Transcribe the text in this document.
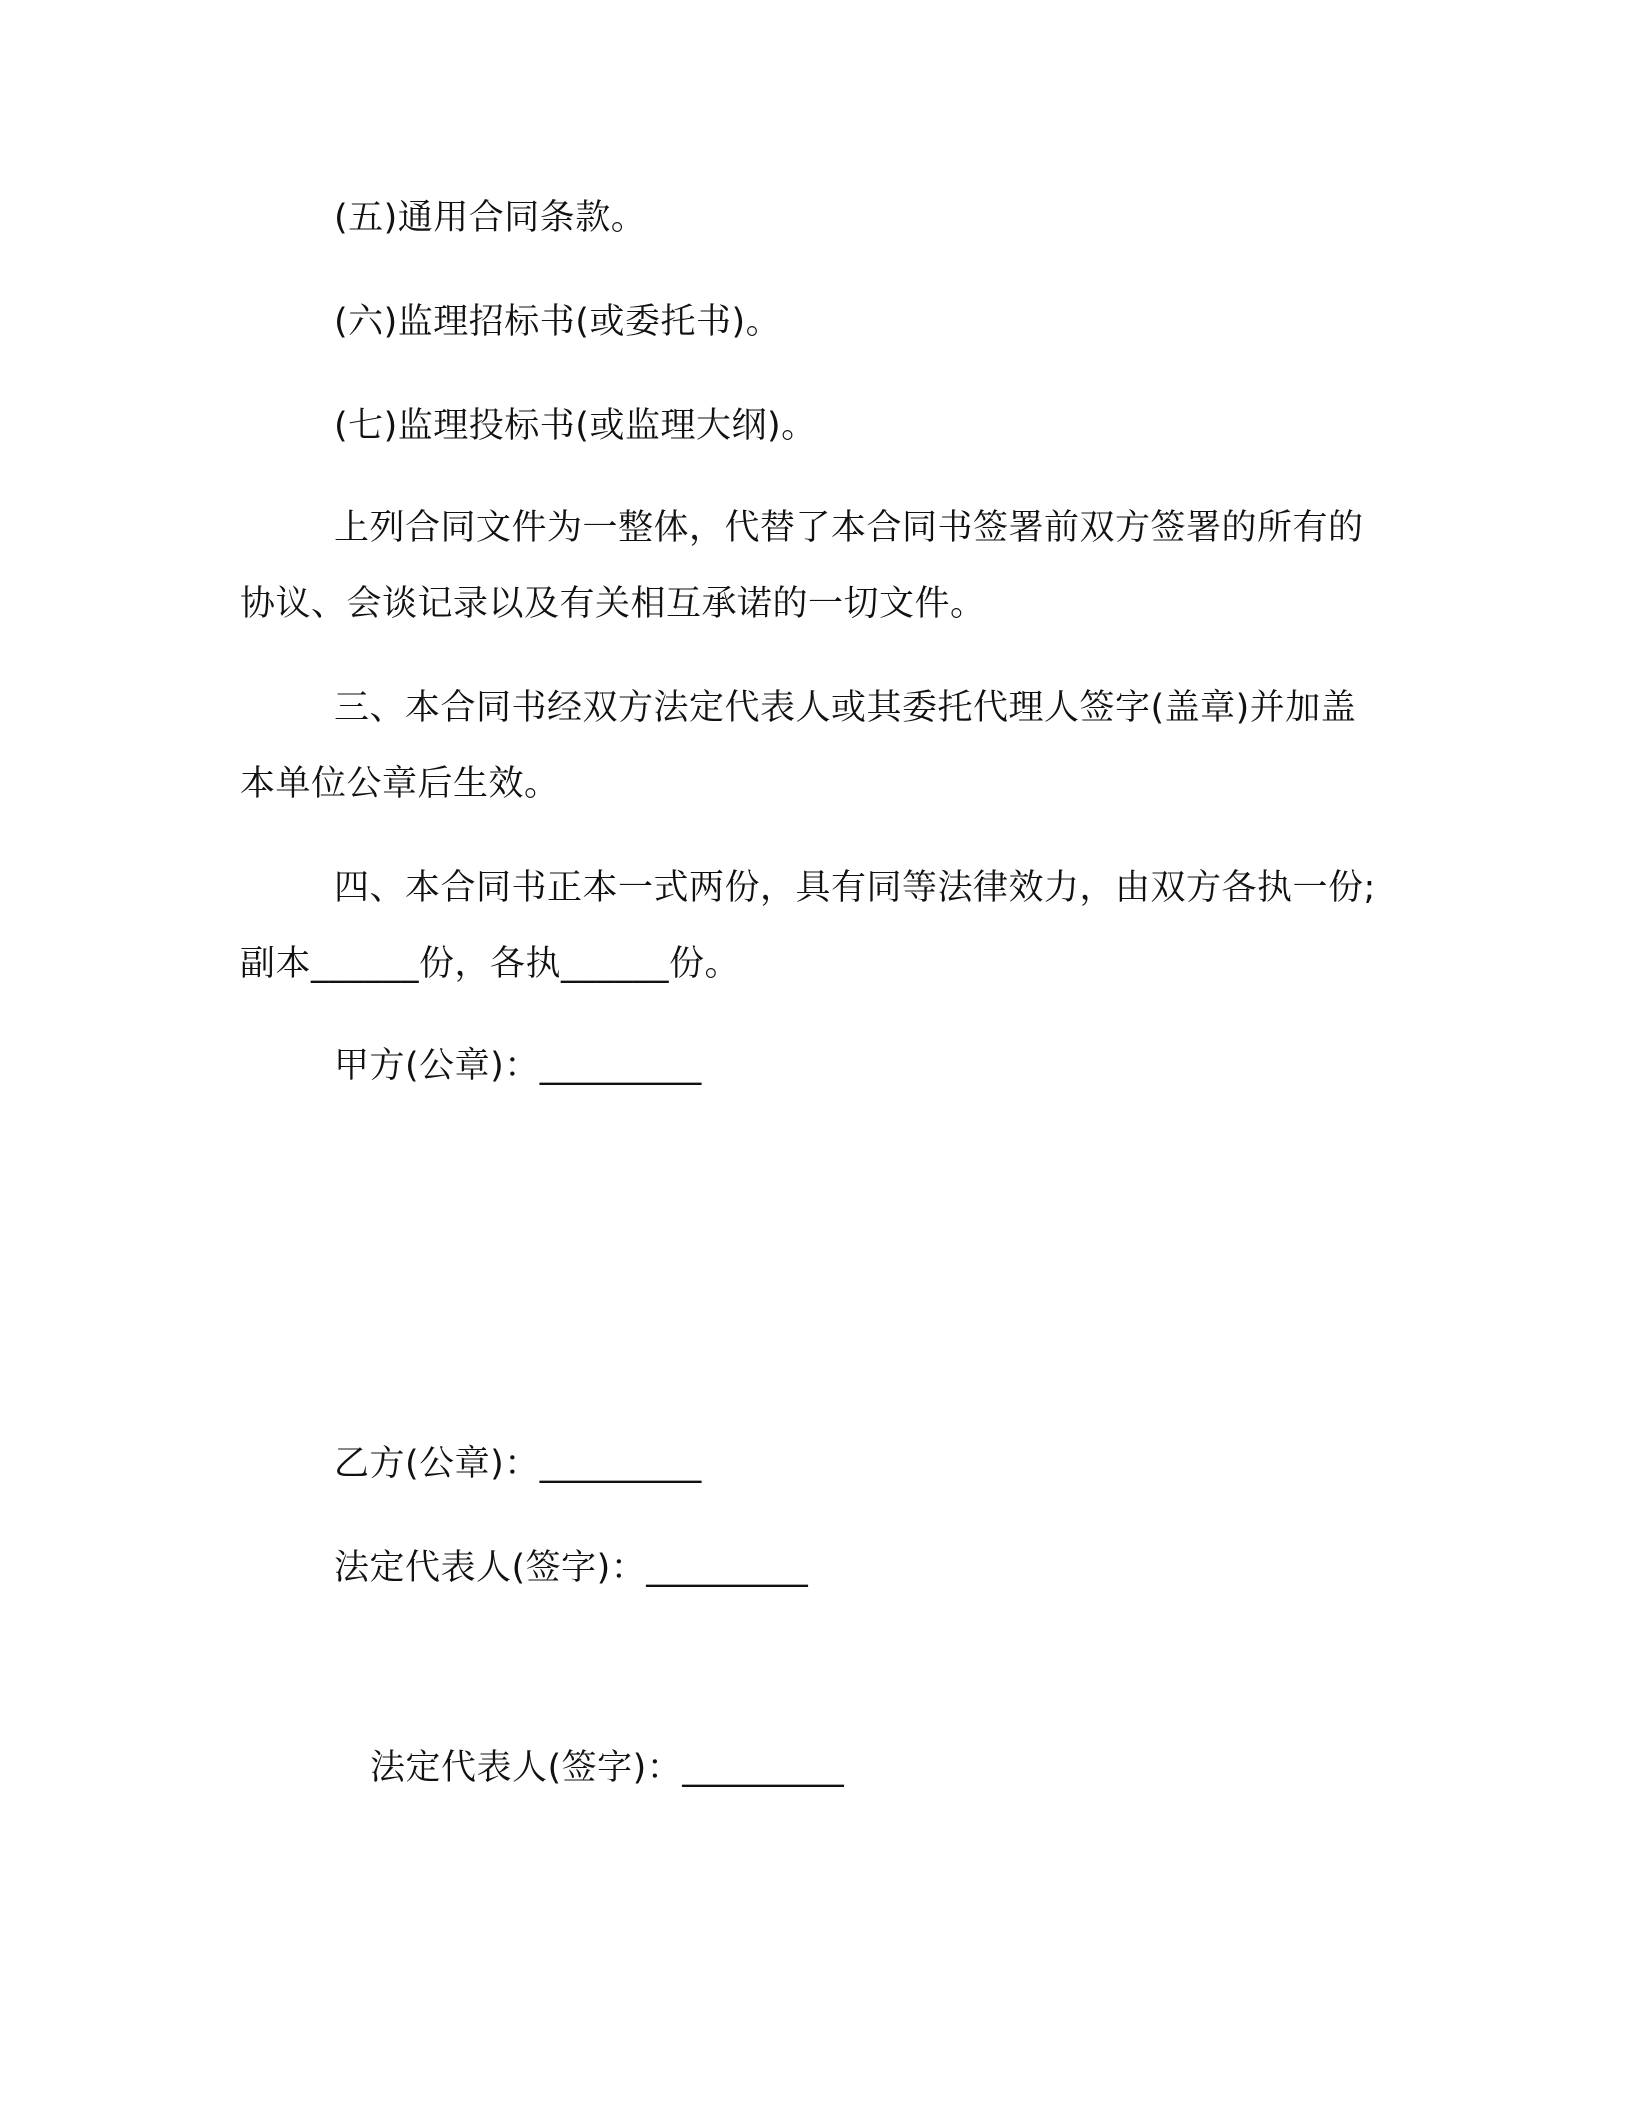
(五)通用合同条款。
(六)监理招标书(或委托书)。
(七)监理投标书(或监理大纲)。
上列合同文件为一整体，代替了本合同书签署前双方签署的所有的协议、会谈记录以及有关相互承诺的一切文件。
三、本合同书经双方法定代表人或其委托代理人签字(盖章)并加盖本单位公章后生效。
四、本合同书正本一式两份，具有同等法律效力，由双方各执一份;副本______份，各执______份。
甲方(公章)：_________
乙方(公章)：_________
法定代表人(签字)：_________
法定代表人(签字)：_________
